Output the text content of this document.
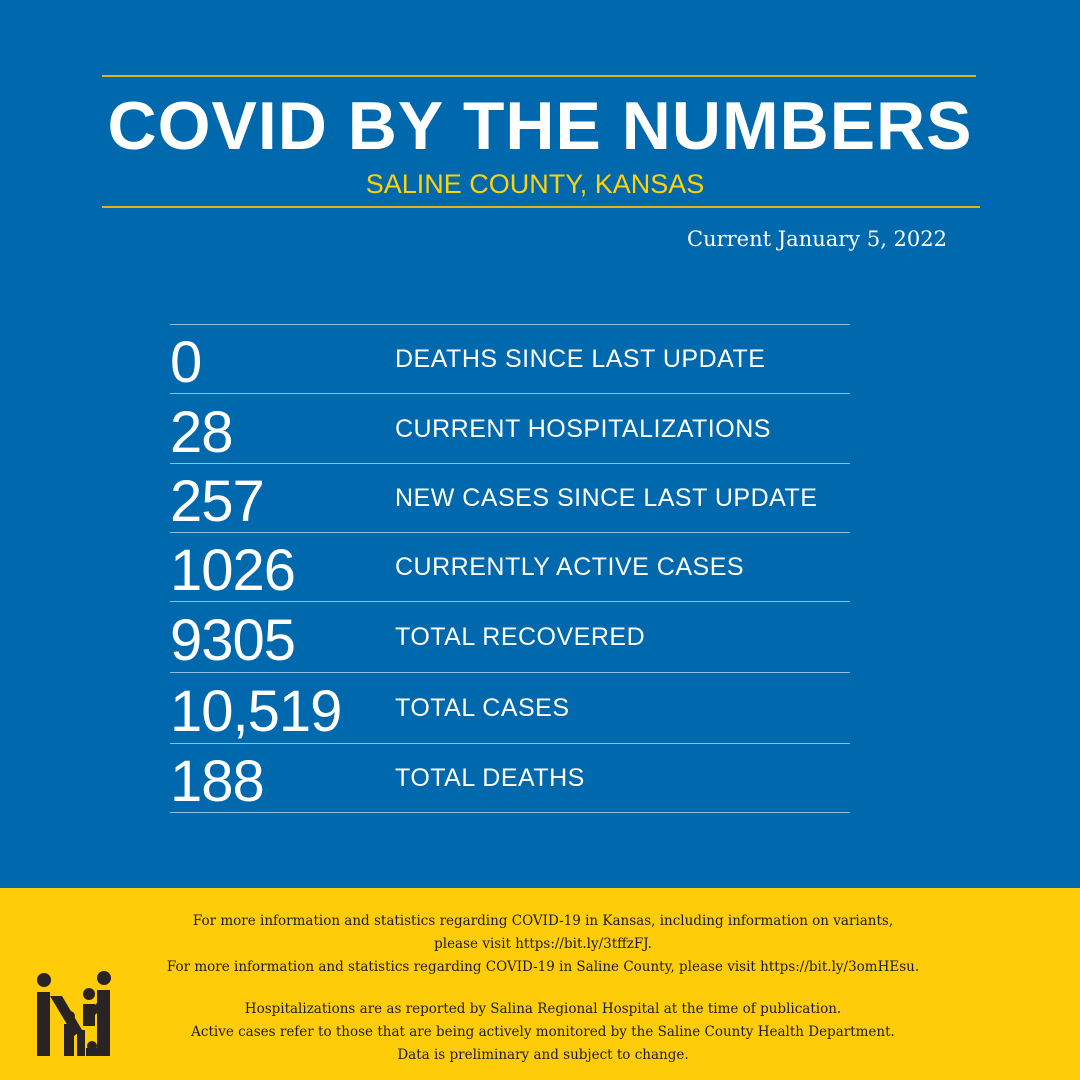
COVID BY THE NUMBERS
SALINE COUNTY, KANSAS
Current January 5, 2022
0	DEATHS SINCE LAST UPDATE
28	CURRENT HOSPITALIZATIONS
257	NEW CASES SINCE LAST UPDATE
1026	CURRENTLY ACTIVE CASES
9305	TOTAL RECOVERED
10,519	TOTAL CASES
188	TOTAL DEATHS

For more information and statistics regarding COVID-19 in Kansas, including information on variants,

please visit https://bit.ly/3tffzFJ.

For more information and statistics regarding COVID-19 in Saline County, please visit https://bit.ly/3omHEsu.

Hospitalizations are as reported by Salina Regional Hospital at the time of publication.

Active cases refer to those that are being actively monitored by the Saline County Health Department.

Data is preliminary and subject to change.
